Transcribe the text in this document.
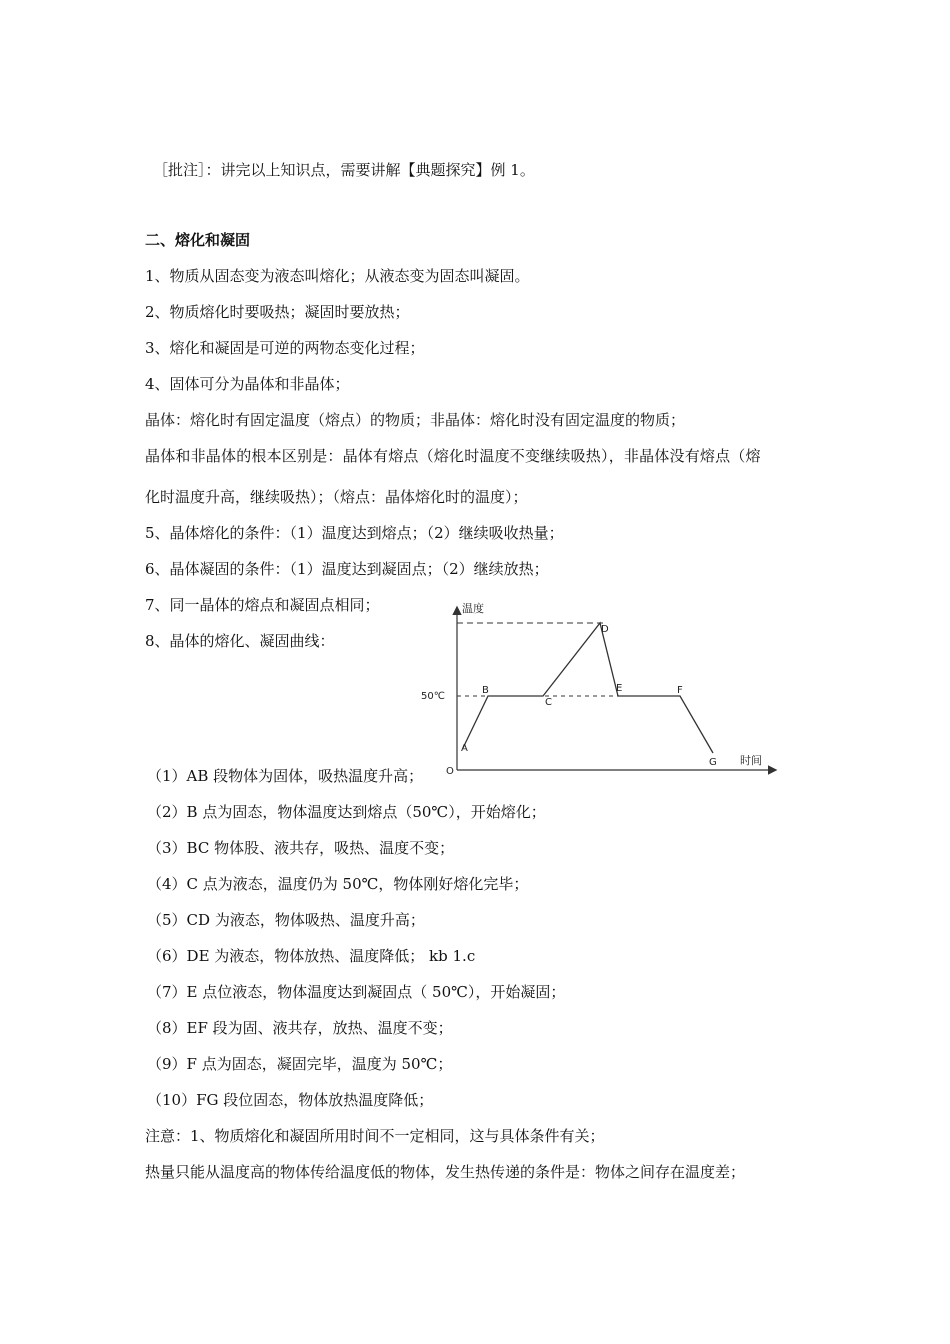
［批注］：讲完以上知识点，需要讲解【典题探究】例 1。
二、熔化和凝固
1、物质从固态变为液态叫熔化；从液态变为固态叫凝固。
2、物质熔化时要吸热；凝固时要放热；
3、熔化和凝固是可逆的两物态变化过程；
4、固体可分为晶体和非晶体；
晶体：熔化时有固定温度（熔点）的物质；非晶体：熔化时没有固定温度的物质；
晶体和非晶体的根本区别是：晶体有熔点（熔化时温度不变继续吸热），非晶体没有熔点（熔
化时温度升高，继续吸热）；（熔点：晶体熔化时的温度）；
5、晶体熔化的条件：（1）温度达到熔点；（2）继续吸收热量；
6、晶体凝固的条件：（1）温度达到凝固点；（2）继续放热；
7、同一晶体的熔点和凝固点相同；
8、晶体的熔化、凝固曲线：
温度
时间
O
50℃
A
B
C
D
E	F
G
（1）AB 段物体为固体，吸热温度升高；
（2）B 点为固态，物体温度达到熔点（50℃），开始熔化；
（3）BC 物体股、液共存，吸热、温度不变；
（4）C 点为液态，温度仍为 50℃，物体刚好熔化完毕；
（5）CD 为液态，物体吸热、温度升高；
（6）DE 为液态，物体放热、温度降低； kb 1.c
（7）E 点位液态，物体温度达到凝固点（ 50℃），开始凝固；
（8）EF 段为固、液共存，放热、温度不变；
（9）F 点为固态，凝固完毕，温度为 50℃；
（10）FG 段位固态，物体放热温度降低；
注意：1、物质熔化和凝固所用时间不一定相同，这与具体条件有关；
热量只能从温度高的物体传给温度低的物体，发生热传递的条件是：物体之间存在温度差；
